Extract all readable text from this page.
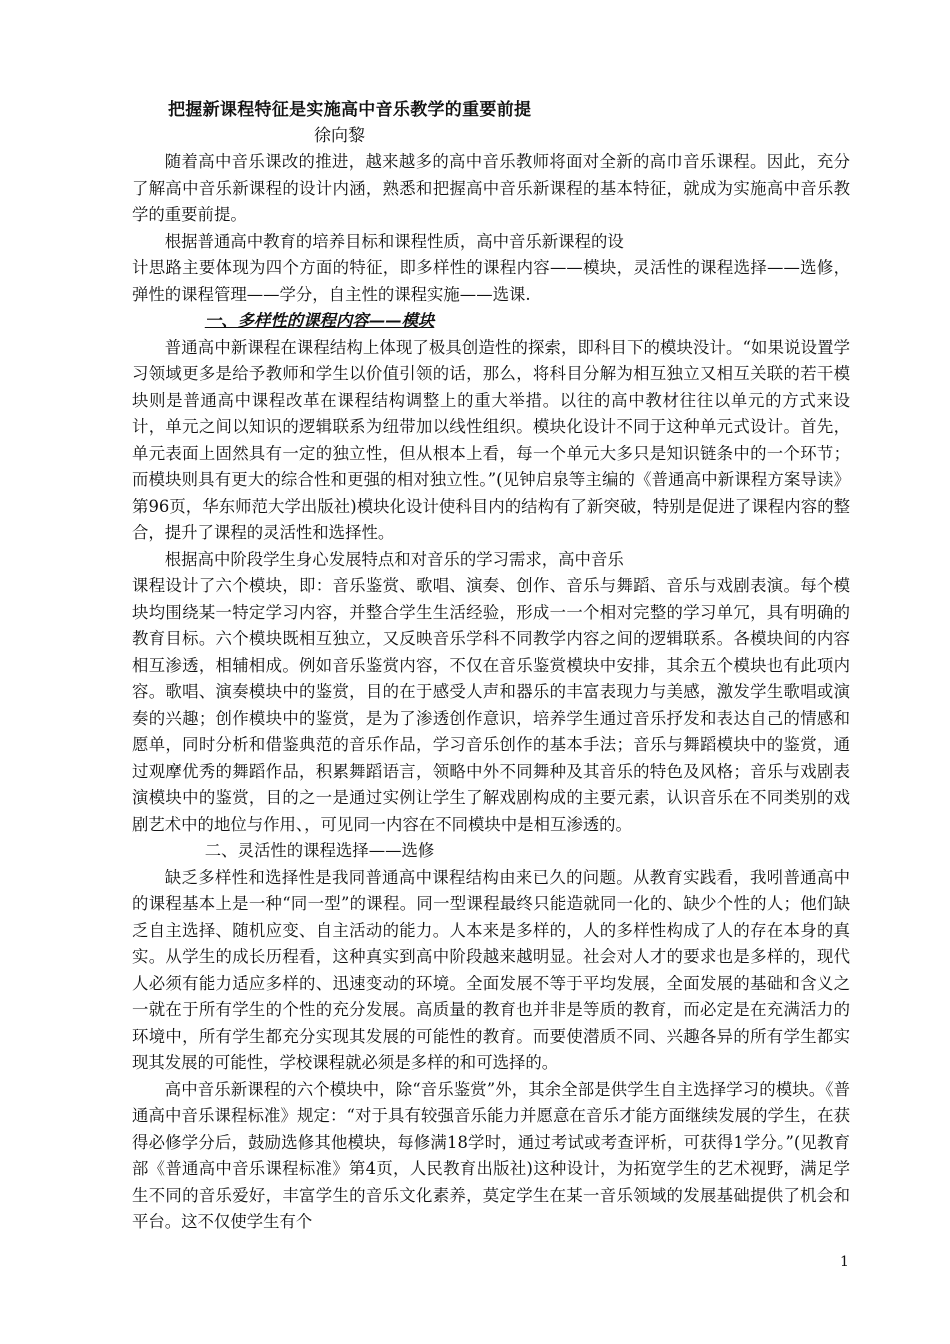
把握新课程特征是实施高中音乐教学的重要前提
徐向黎

随着高中音乐课改的推进，越来越多的高中音乐教师将面对全新的高巾音乐课程。因此，充分了解高中音乐新课程的设计内涵，熟悉和把握高中音乐新课程的基本特征，就成为实施高中音乐教学的重要前提。

根据普通高中教育的培养目标和课程性质，高中音乐新课程的设

计思路主要体现为四个方面的特征，即多样性的课程内容——模块，灵活性的课程选择——选修，弹性的课程管理——学分，自主性的课程实施——选课.

一、多样性的课程内容——模块

普通高中新课程在课程结构上体现了极具创造性的探索，即科目下的模块没计。“如果说设置学习领域更多是给予教师和学生以价值引领的话，那么，将科目分解为相互独立又相互关联的若干模块则是普通高中课程改革在课程结构调整上的重大举措。以往的高中教材往往以单元的方式来设计，单元之间以知识的逻辑联系为纽带加以线性组织。模块化设计不同于这种单元式设计。首先，单元表面上固然具有一定的独立性，但从根本上看，每一个单元大多只是知识链条中的一个环节；而模块则具有更大的综合性和更强的相对独立性。”(见钟启泉等主编的《普通高中新课程方案导读》第96页，华东师范大学出版社)模块化设计使科目内的结构有了新突破，特别是促进了课程内容的整合，提升了课程的灵活性和选择性。

根据高中阶段学生身心发展特点和对音乐的学习需求，高中音乐

课程设计了六个模块，即：音乐鉴赏、歌唱、演奏、创作、音乐与舞蹈、音乐与戏剧表演。每个模块均围绕某一特定学习内容，并整合学生生活经验，形成一一个相对完整的学习单冗，具有明确的教育目标。六个模块既相互独立，又反映音乐学科不同教学内容之间的逻辑联系。各模块间的内容相互渗透，相辅相成。例如音乐鉴赏内容，不仅在音乐鉴赏模块中安排，其余五个模块也有此项内容。歌唱、演奏模块中的鉴赏，目的在于感受人声和器乐的丰富表现力与美感，激发学生歌唱或演奏的兴趣；创作模块中的鉴赏，是为了渗透创作意识，培养学生通过音乐抒发和表达自己的情感和愿单，同时分析和借鉴典范的音乐作品，学习音乐创作的基本手法；音乐与舞蹈模块中的鉴赏，通过观摩优秀的舞蹈作品，积累舞蹈语言，领略中外不同舞种及其音乐的特色及风格；音乐与戏剧表演模块中的鉴赏，目的之一是通过实例让学生了解戏剧构成的主要元素，认识音乐在不同类别的戏剧艺术中的地位与作用、，可见同一内容在不同模块中是相互渗透的。

二、灵活性的课程选择——选修

缺乏多样性和选择性是我同普通高中课程结构由来已久的问题。从教育实践看，我吲普通高中的课程基本上是一种“同一型”的课程。同一型课程最终只能造就同一化的、缺少个性的人；他们缺乏自主选择、随机应变、自主活动的能力。人本来是多样的，人的多样性构成了人的存在本身的真实。从学生的成长历程看，这种真实到高中阶段越来越明显。社会对人才的要求也是多样的，现代人必须有能力适应多样的、迅速变动的环境。全面发展不等于平均发展，全面发展的基础和含义之一就在于所有学生的个性的充分发展。高质量的教育也并非是等质的教育，而必定是在充满活力的环境中，所有学生都充分实现其发展的可能性的教育。而要使潜质不同、兴趣各异的所有学生都实现其发展的可能性，学校课程就必须是多样的和可选择的。

高中音乐新课程的六个模块中，除“音乐鉴赏”外，其余全部是供学生自主选择学习的模块。《普通高中音乐课程标准》规定：“对于具有较强音乐能力并愿意在音乐才能方面继续发展的学生，在获得必修学分后，鼓励选修其他模块，每修满18学时，通过考试或考查评析，可获得1学分。”(见教育部《普通高中音乐课程标准》第4页，人民教育出版社)这种设计，为拓宽学生的艺术视野，满足学生不同的音乐爱好，丰富学生的音乐文化素养，莫定学生在某一音乐领域的发展基础提供了机会和平台。这不仅使学生有个

1
